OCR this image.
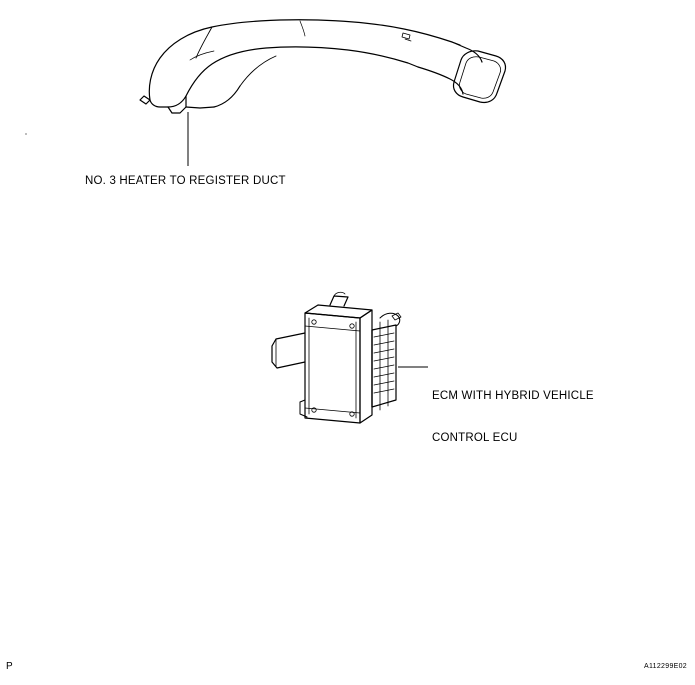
NO. 3 HEATER TO REGISTER DUCT

ECM WITH HYBRID VEHICLE

CONTROL ECU

P	A112299E02
